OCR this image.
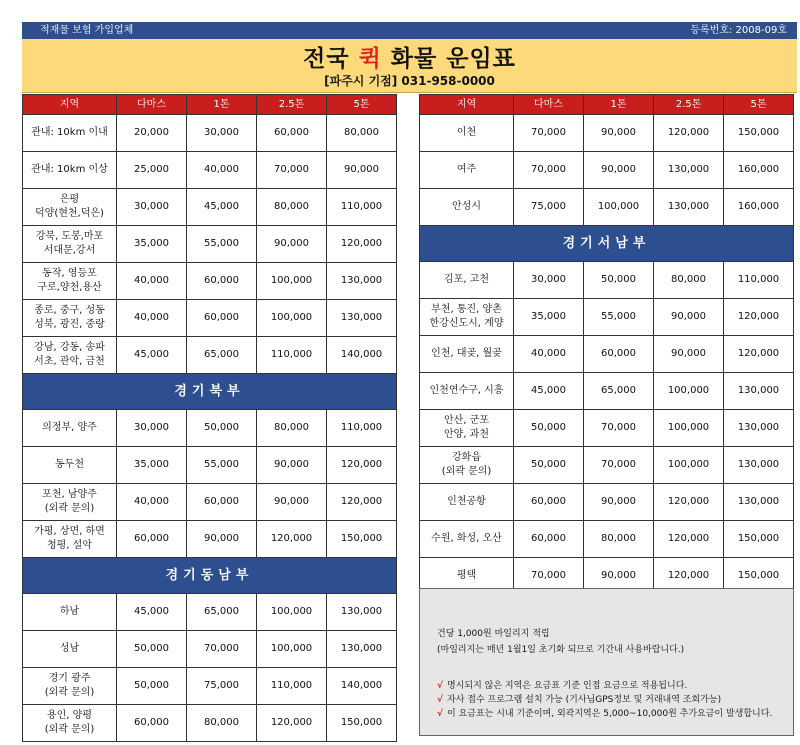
적재물 보험 가입업체	등록번호: 2008-09호
전국 퀵 화물 운임표
[파주시 기점] 031-958-0000
지역	다마스	1톤	2.5톤	5톤
관내: 10km 이내	20,000	30,000	60,000	80,000
관내: 10km 이상	25,000	40,000	70,000	90,000
은평
덕양(현천,덕은)	30,000	45,000	80,000	110,000
강북, 도봉,마포
서대문,강서	35,000	55,000	90,000	120,000
동작, 영등포
구로,양천,용산	40,000	60,000	100,000	130,000
종로, 중구, 성동
성북, 광진, 중랑	40,000	60,000	100,000	130,000
강남, 강동, 송파
서초, 관악, 금천	45,000	65,000	110,000	140,000
경기북부				
의정부, 양주	30,000	50,000	80,000	110,000
동두천	35,000	55,000	90,000	120,000
포천, 남양주
(외곽 문의)	40,000	60,000	90,000	120,000
가평, 상면, 하면
청평, 설악	60,000	90,000	120,000	150,000
경기동남부				
하남	45,000	65,000	100,000	130,000
성남	50,000	70,000	100,000	130,000
경기 광주
(외곽 문의)	50,000	75,000	110,000	140,000
용인, 양평
(외곽 문의)	60,000	80,000	120,000	150,000
지역	다마스	1톤	2.5톤	5톤
이천	70,000	90,000	120,000	150,000
여주	70,000	90,000	130,000	160,000
안성시	75,000	100,000	130,000	160,000
경기서남부				
김포, 고천	30,000	50,000	80,000	110,000
부천, 통진, 양촌
한강신도시, 계양	35,000	55,000	90,000	120,000
인천, 대곶, 월곶	40,000	60,000	90,000	120,000
인천연수구, 시흥	45,000	65,000	100,000	130,000
안산, 군포
안양, 과천	50,000	70,000	100,000	130,000
강화읍
(외곽 문의)	50,000	70,000	100,000	130,000
인천공항	60,000	90,000	120,000	130,000
수원, 화성, 오산	60,000	80,000	120,000	150,000
평택	70,000	90,000	120,000	150,000
건당 1,000원 마일리지 적립
(마일리지는 매년 1월1일 초기화 되므로 기간내 사용바랍니다.)
√ 명시되지 않은 지역은 요금표 기준 인접 요금으로 적용됩니다.
√ 자사 접수 프로그램 설치 가능 (기사님GPS정보 및 거래내역 조회가능)
√ 이 요금표는 시내 기준이며, 외곽지역은 5,000~10,000원 추가요금이 발생합니다.
